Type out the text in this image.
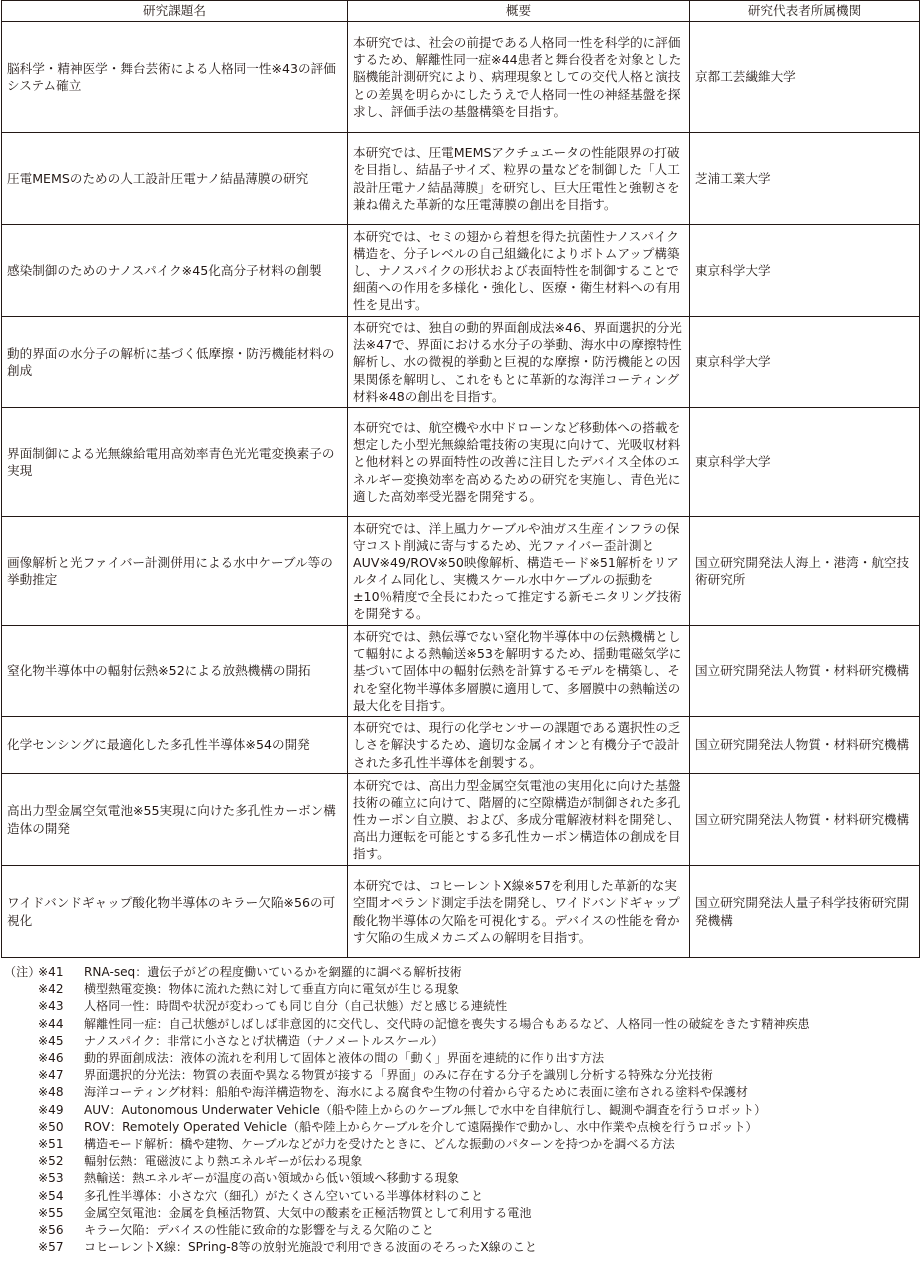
研究課題名	概要	研究代表者所属機関
脳科学・精神医学・舞台芸術による人格同一性※43の評価システム確立	本研究では、社会の前提である人格同一性を科学的に評価するため、解離性同一症※44患者と舞台役者を対象とした脳機能計測研究により、病理現象としての交代人格と演技との差異を明らかにしたうえで人格同一性の神経基盤を探求し、評価手法の基盤構築を目指す。	京都工芸繊維大学
圧電MEMSのための人工設計圧電ナノ結晶薄膜の研究	本研究では、圧電MEMSアクチュエータの性能限界の打破を目指し、結晶子サイズ、粒界の量などを制御した「人工設計圧電ナノ結晶薄膜」を研究し、巨大圧電性と強靭さを兼ね備えた革新的な圧電薄膜の創出を目指す。	芝浦工業大学
感染制御のためのナノスパイク※45化高分子材料の創製	本研究では、セミの翅から着想を得た抗菌性ナノスパイク構造を、分子レベルの自己組織化によりボトムアップ構築し、ナノスパイクの形状および表面特性を制御することで細菌への作用を多様化・強化し、医療・衛生材料への有用性を見出す。	東京科学大学
動的界面の水分子の解析に基づく低摩擦・防汚機能材料の創成	本研究では、独自の動的界面創成法※46、界面選択的分光法※47で、界面における水分子の挙動、海水中の摩擦特性解析し、水の微視的挙動と巨視的な摩擦・防汚機能との因果関係を解明し、これをもとに革新的な海洋コーティング材料※48の創出を目指す。	東京科学大学
界面制御による光無線給電用高効率青色光光電変換素子の実現	本研究では、航空機や水中ドローンなど移動体への搭載を想定した小型光無線給電技術の実現に向けて、光吸収材料と他材料との界面特性の改善に注目したデバイス全体のエネルギー変換効率を高めるための研究を実施し、青色光に適した高効率受光器を開発する。	東京科学大学
画像解析と光ファイバー計測併用による水中ケーブル等の挙動推定	本研究では、洋上風力ケーブルや油ガス生産インフラの保守コスト削減に寄与するため、光ファイバー歪計測とAUV※49/ROV※50映像解析、構造モード※51解析をリアルタイム同化し、実機スケール水中ケーブルの振動を±10％精度で全長にわたって推定する新モニタリング技術を開発する。	国立研究開発法人海上・港湾・航空技術研究所
窒化物半導体中の輻射伝熱※52による放熱機構の開拓	本研究では、熱伝導でない窒化物半導体中の伝熱機構として輻射による熱輸送※53を解明するため、揺動電磁気学に基づいて固体中の輻射伝熱を計算するモデルを構築し、それを窒化物半導体多層膜に適用して、多層膜中の熱輸送の最大化を目指す。	国立研究開発法人物質・材料研究機構
化学センシングに最適化した多孔性半導体※54の開発	本研究では、現行の化学センサーの課題である選択性の乏しさを解決するため、適切な金属イオンと有機分子で設計された多孔性半導体を創製する。	国立研究開発法人物質・材料研究機構
高出力型金属空気電池※55実現に向けた多孔性カーボン構造体の開発	本研究では、高出力型金属空気電池の実用化に向けた基盤技術の確立に向けて、階層的に空隙構造が制御された多孔性カーボン自立膜、および、多成分電解液材料を開発し、高出力運転を可能とする多孔性カーボン構造体の創成を目指す。	国立研究開発法人物質・材料研究機構
ワイドバンドギャップ酸化物半導体のキラー欠陥※56の可視化	本研究では、コヒーレントX線※57を利用した革新的な実空間オペランド測定手法を開発し、ワイドバンドギャップ酸化物半導体の欠陥を可視化する。デバイスの性能を脅かす欠陥の生成メカニズムの解明を目指す。	国立研究開発法人量子科学技術研究開発機構
（注）
※41	RNA-seq：遺伝子がどの程度働いているかを網羅的に調べる解析技術
※42	横型熱電変換：物体に流れた熱に対して垂直方向に電気が生じる現象
※43	人格同一性：時間や状況が変わっても同じ自分（自己状態）だと感じる連続性
※44	解離性同一症：自己状態がしばしば非意図的に交代し、交代時の記憶を喪失する場合もあるなど、人格同一性の破綻をきたす精神疾患
※45	ナノスパイク：非常に小さなとげ状構造（ナノメートルスケール）
※46	動的界面創成法：液体の流れを利用して固体と液体の間の「動く」界面を連続的に作り出す方法
※47	界面選択的分光法：物質の表面や異なる物質が接する「界面」のみに存在する分子を識別し分析する特殊な分光技術
※48	海洋コーティング材料：船舶や海洋構造物を、海水による腐食や生物の付着から守るために表面に塗布される塗料や保護材
※49	AUV：Autonomous Underwater Vehicle（船や陸上からのケーブル無しで水中を自律航行し、観測や調査を行うロボット）
※50	ROV：Remotely Operated Vehicle（船や陸上からケーブルを介して遠隔操作で動かし、水中作業や点検を行うロボット）
※51	構造モード解析：橋や建物、ケーブルなどが力を受けたときに、どんな振動のパターンを持つかを調べる方法
※52	輻射伝熱：電磁波により熱エネルギーが伝わる現象
※53	熱輸送：熱エネルギーが温度の高い領域から低い領域へ移動する現象
※54	多孔性半導体：小さな穴（細孔）がたくさん空いている半導体材料のこと
※55	金属空気電池：金属を負極活物質、大気中の酸素を正極活物質として利用する電池
※56	キラー欠陥：デバイスの性能に致命的な影響を与える欠陥のこと
※57	コヒーレントX線：SPring-8等の放射光施設で利用できる波面のそろったX線のこと
